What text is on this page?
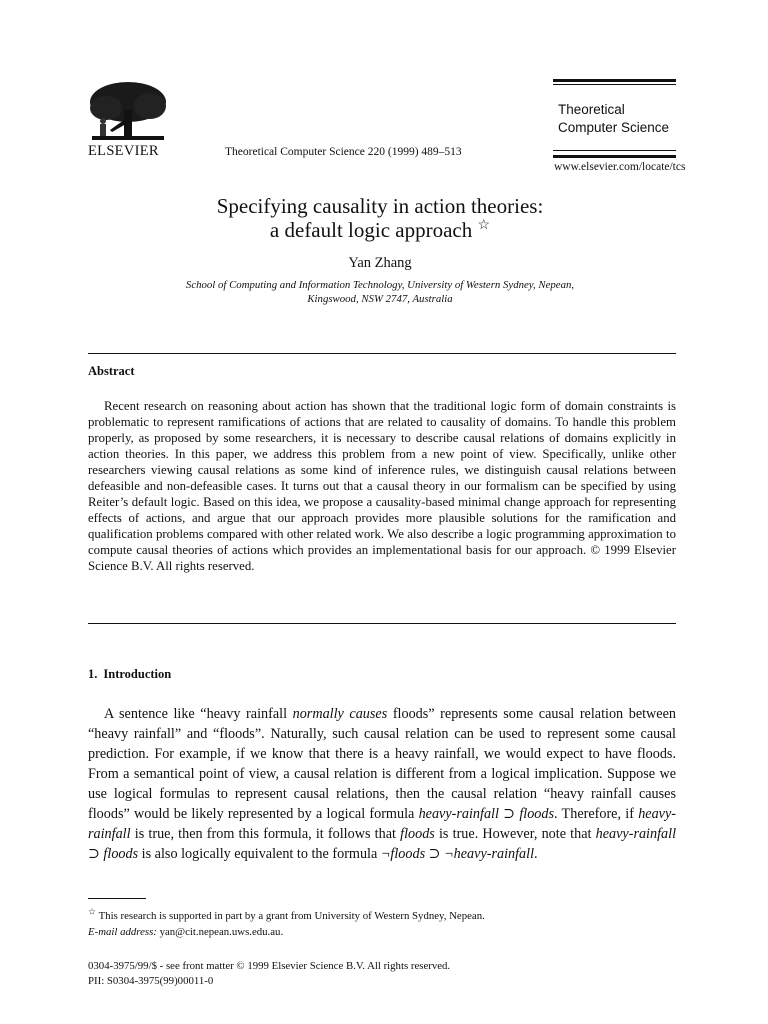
ELSEVIER	Theoretical Computer Science 220 (1999) 489–513
Theoretical
Computer Science
www.elsevier.com/locate/tcs
Specifying causality in action theories:
a default logic approach ☆
Yan Zhang
School of Computing and Information Technology, University of Western Sydney, Nepean,
Kingswood, NSW 2747, Australia
Abstract
Recent research on reasoning about action has shown that the traditional logic form of domain constraints is problematic to represent ramifications of actions that are related to causality of domains. To handle this problem properly, as proposed by some researchers, it is necessary to describe causal relations of domains explicitly in action theories. In this paper, we address this problem from a new point of view. Specifically, unlike other researchers viewing causal relations as some kind of inference rules, we distinguish causal relations between defeasible and non-defeasible cases. It turns out that a causal theory in our formalism can be specified by using Reiter’s default logic. Based on this idea, we propose a causality-based minimal change approach for representing effects of actions, and argue that our approach provides more plausible solutions for the ramification and qualification problems compared with other related work. We also describe a logic programming approximation to compute causal theories of actions which provides an implementational basis for our approach. © 1999 Elsevier Science B.V. All rights reserved.
1. Introduction
A sentence like “heavy rainfall normally causes floods” represents some causal relation between “heavy rainfall” and “floods”. Naturally, such causal relation can be used to represent some causal prediction. For example, if we know that there is a heavy rainfall, we would expect to have floods. From a semantical point of view, a causal relation is different from a logical implication. Suppose we use logical formulas to represent causal relations, then the causal relation “heavy rainfall causes floods” would be likely represented by a logical formula heavy-rainfall ⊃ floods. Therefore, if heavy-rainfall is true, then from this formula, it follows that floods is true. However, note that heavy-rainfall ⊃ floods is also logically equivalent to the formula ¬floods ⊃ ¬heavy-rainfall.
☆ This research is supported in part by a grant from University of Western Sydney, Nepean.
E-mail address: yan@cit.nepean.uws.edu.au.
0304-3975/99/$ - see front matter © 1999 Elsevier Science B.V. All rights reserved.
PII: S0304-3975(99)00011-0
